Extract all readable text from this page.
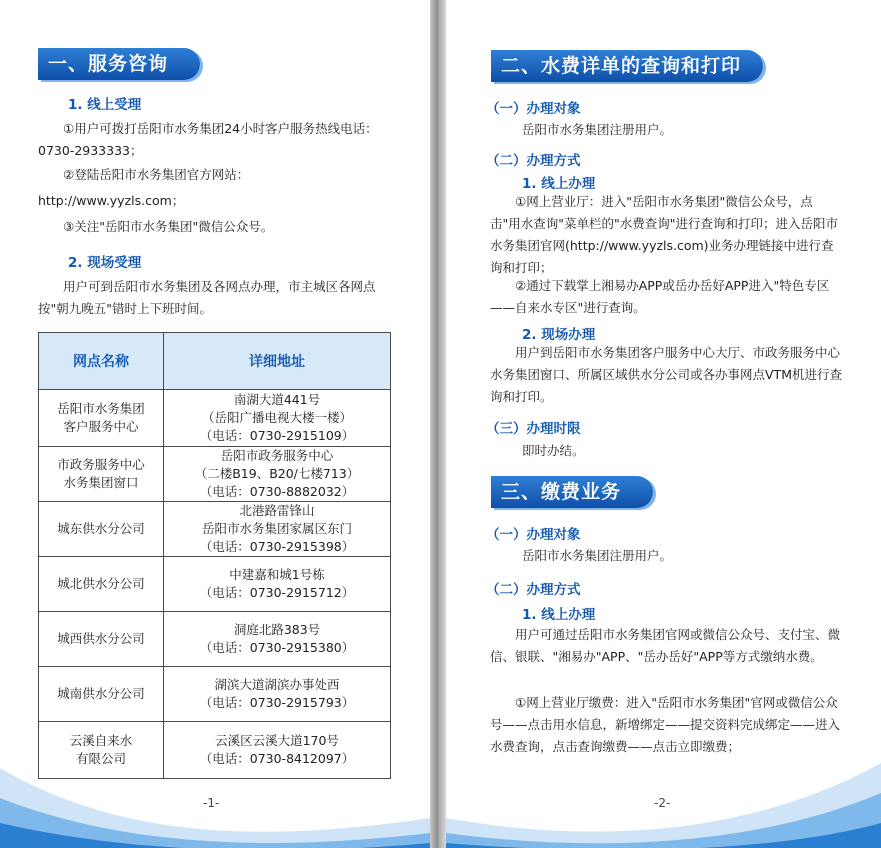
一、服务咨询
1. 线上受理
①用户可拨打岳阳市水务集团24小时客户服务热线电话：0730-2933333；
②登陆岳阳市水务集团官方网站：
http://www.yyzls.com；
③关注"岳阳市水务集团"微信公众号。
2. 现场受理
用户可到岳阳市水务集团及各网点办理，市主城区各网点按"朝九晚五"错时上下班时间。
网点名称	详细地址
岳阳市水务集团
客户服务中心	南湖大道441号
（岳阳广播电视大楼一楼）
（电话：0730-2915109）
市政务服务中心
水务集团窗口	岳阳市政务服务中心
（二楼B19、B20/七楼713）
（电话：0730-8882032）
城东供水分公司	北港路雷锋山
岳阳市水务集团家属区东门
（电话：0730-2915398）
城北供水分公司	中建嘉和城1号栋
（电话：0730-2915712）
城西供水分公司	洞庭北路383号
（电话：0730-2915380）
城南供水分公司	湖滨大道湖滨办事处西
（电话：0730-2915793）
云溪自来水
有限公司	云溪区云溪大道170号
（电话：0730-8412097）
-1-
二、水费详单的查询和打印
（一）办理对象
岳阳市水务集团注册用户。
（二）办理方式
1. 线上办理
①网上营业厅：进入"岳阳市水务集团"微信公众号，点击"用水查询"菜单栏的"水费查询"进行查询和打印；进入岳阳市水务集团官网(http://www.yyzls.com)业务办理链接中进行查询和打印；
②通过下载掌上湘易办APP或岳办岳好APP进入"特色专区——自来水专区"进行查询。
2. 现场办理
用户到岳阳市水务集团客户服务中心大厅、市政务服务中心水务集团窗口、所属区域供水分公司或各办事网点VTM机进行查询和打印。
（三）办理时限
即时办结。
三、缴费业务
（一）办理对象
岳阳市水务集团注册用户。
（二）办理方式
1. 线上办理
用户可通过岳阳市水务集团官网或微信公众号、支付宝、微信、银联、"湘易办"APP、"岳办岳好"APP等方式缴纳水费。
①网上营业厅缴费：进入"岳阳市水务集团"官网或微信公众号——点击用水信息，新增绑定——提交资料完成绑定——进入水费查询，点击查询缴费——点击立即缴费；
-2-
